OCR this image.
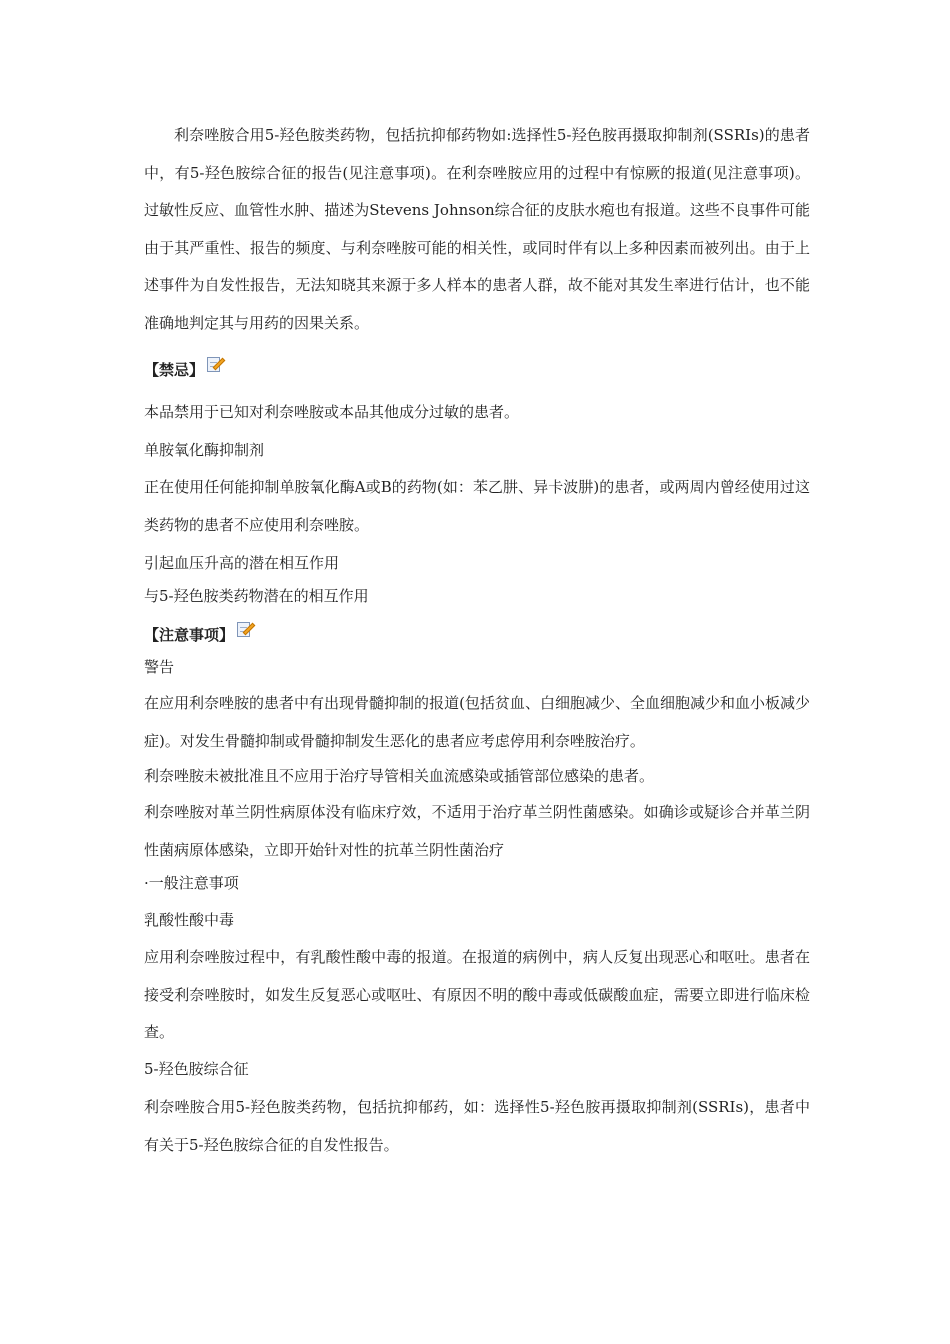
利奈唑胺合用5-羟色胺类药物，包括抗抑郁药物如:选择性5-羟色胺再摄取抑制剂(SSRIs)的患者中，有5-羟色胺综合征的报告(见注意事项)。在利奈唑胺应用的过程中有惊厥的报道(见注意事项)。过敏性反应、血管性水肿、描述为Stevens Johnson综合征的皮肤水疱也有报道。这些不良事件可能由于其严重性、报告的频度、与利奈唑胺可能的相关性，或同时伴有以上多种因素而被列出。由于上述事件为自发性报告，无法知晓其来源于多人样本的患者人群，故不能对其发生率进行估计，也不能准确地判定其与用药的因果关系。

【禁忌】

本品禁用于已知对利奈唑胺或本品其他成分过敏的患者。

单胺氧化酶抑制剂

正在使用任何能抑制单胺氧化酶A或B的药物(如：苯乙肼、异卡波肼)的患者，或两周内曾经使用过这类药物的患者不应使用利奈唑胺。

引起血压升高的潜在相互作用

与5-羟色胺类药物潜在的相互作用

【注意事项】

警告

在应用利奈唑胺的患者中有出现骨髓抑制的报道(包括贫血、白细胞减少、全血细胞减少和血小板减少症)。对发生骨髓抑制或骨髓抑制发生恶化的患者应考虑停用利奈唑胺治疗。

利奈唑胺未被批准且不应用于治疗导管相关血流感染或插管部位感染的患者。

利奈唑胺对革兰阴性病原体没有临床疗效，不适用于治疗革兰阴性菌感染。如确诊或疑诊合并革兰阴性菌病原体感染，立即开始针对性的抗革兰阴性菌治疗

·一般注意事项

乳酸性酸中毒

应用利奈唑胺过程中，有乳酸性酸中毒的报道。在报道的病例中，病人反复出现恶心和呕吐。患者在接受利奈唑胺时，如发生反复恶心或呕吐、有原因不明的酸中毒或低碳酸血症，需要立即进行临床检查。

5-羟色胺综合征

利奈唑胺合用5-羟色胺类药物，包括抗抑郁药，如：选择性5-羟色胺再摄取抑制剂(SSRIs)，患者中有关于5-羟色胺综合征的自发性报告。
